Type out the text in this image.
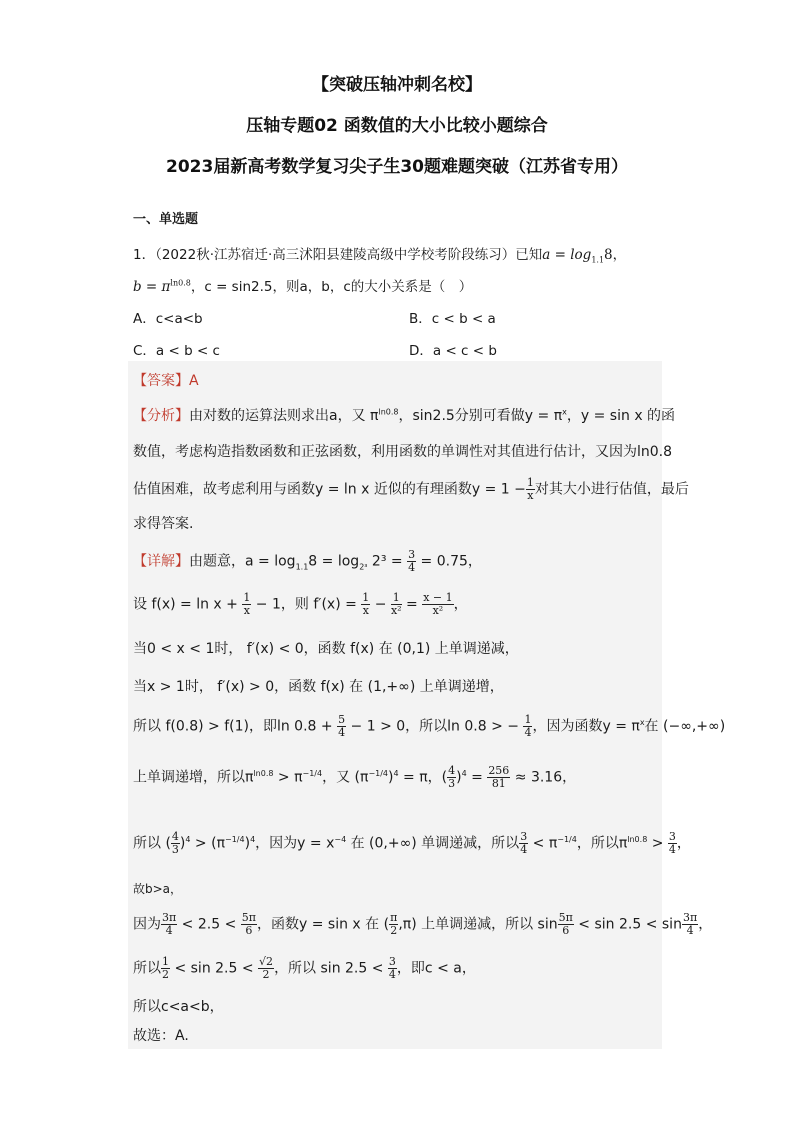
【突破压轴冲刺名校】
压轴专题02 函数值的大小比较小题综合
2023届新高考数学复习尖子生30题难题突破（江苏省专用）
一、单选题
1．（2022秋·江苏宿迁·高三沭阳县建陵高级中学校考阶段练习）已知$a = \log_{1.1}8$，
$b = \pi^{ln0.8}$，c = sin2.5，则a，b，c的大小关系是（　）
A．c<a<b	B．c < b < a
C．a < b < c	D．a < c < b
【答案】A
【分析】由对数的运算法则求出a，又 $\pi^{ln0.8}$，sin2.5分别可看做$y = \pi^x$，y = sin x 的函
数值，考虑构造指数函数和正弦函数，利用函数的单调性对其值进行估计，又因为ln0.8
估值困难，故考虑利用与函数y = ln x 近似的有理函数$y = 1 - \frac{1}{x}$ 对其大小进行估值，最后
求得答案.
【详解】由题意，$a = \log_{1.1}8 = \log_{2^3} 2^3 = \frac{3}{4} = 0.75$，
设 $f(x) = \ln x + \frac{1}{x} - 1$，则 $f'(x) = \frac{1}{x} - \frac{1}{\text{x²}} = \frac{x - 1}{\text{x²}}$ ，
当0 < x < 1时， f′(x) < 0，函数 f(x) 在 (0,1) 上单调递减，
当x > 1时， f′(x) > 0，函数 f(x) 在 (1,+∞) 上单调递增，
所以 f(0.8) > f(1)，即$\ln 0.8 + \frac{5}{4} - 1 > 0$，所以ln 0.8 > − $\frac{1}{4}$ ，因为函数$y = \pi^x$在 (−∞,+∞)
上单调递增，所以$\pi^{ln0.8} > \pi^{-1/4}$，又 $(\pi^{-1/4})^4 = \pi$，( $\frac{4}{3} )^4 = \frac{256}{81} \approx 3.16$，
所以 ( $\frac{4}{3} )^4 > (\pi^{-1/4})^4$，因为$y = x^{-4}$ 在 (0,+∞) 单调递减，所以 $\frac{3}{4} < \pi^{-1/4}$，所以$\pi^{ln0.8} > \frac{3}{4}$ ，
故b>a，
因为 $\frac{3\pi}{4} < 2.5 < \frac{5\pi}{6}$ ，函数y = sin x 在 ( $\frac{\pi}{2} ,\pi$) 上单调递减，所以 $\sin \frac{5\pi}{6} < \sin 2.5 < \sin \frac{3\pi}{4}$ ，
所以 $\frac{1}{2} < \sin 2.5 < \frac{√2}{2}$ ，所以 $\sin 2.5 < \frac{3}{4}$ ，即c < a，
所以c<a<b，
故选：A.
